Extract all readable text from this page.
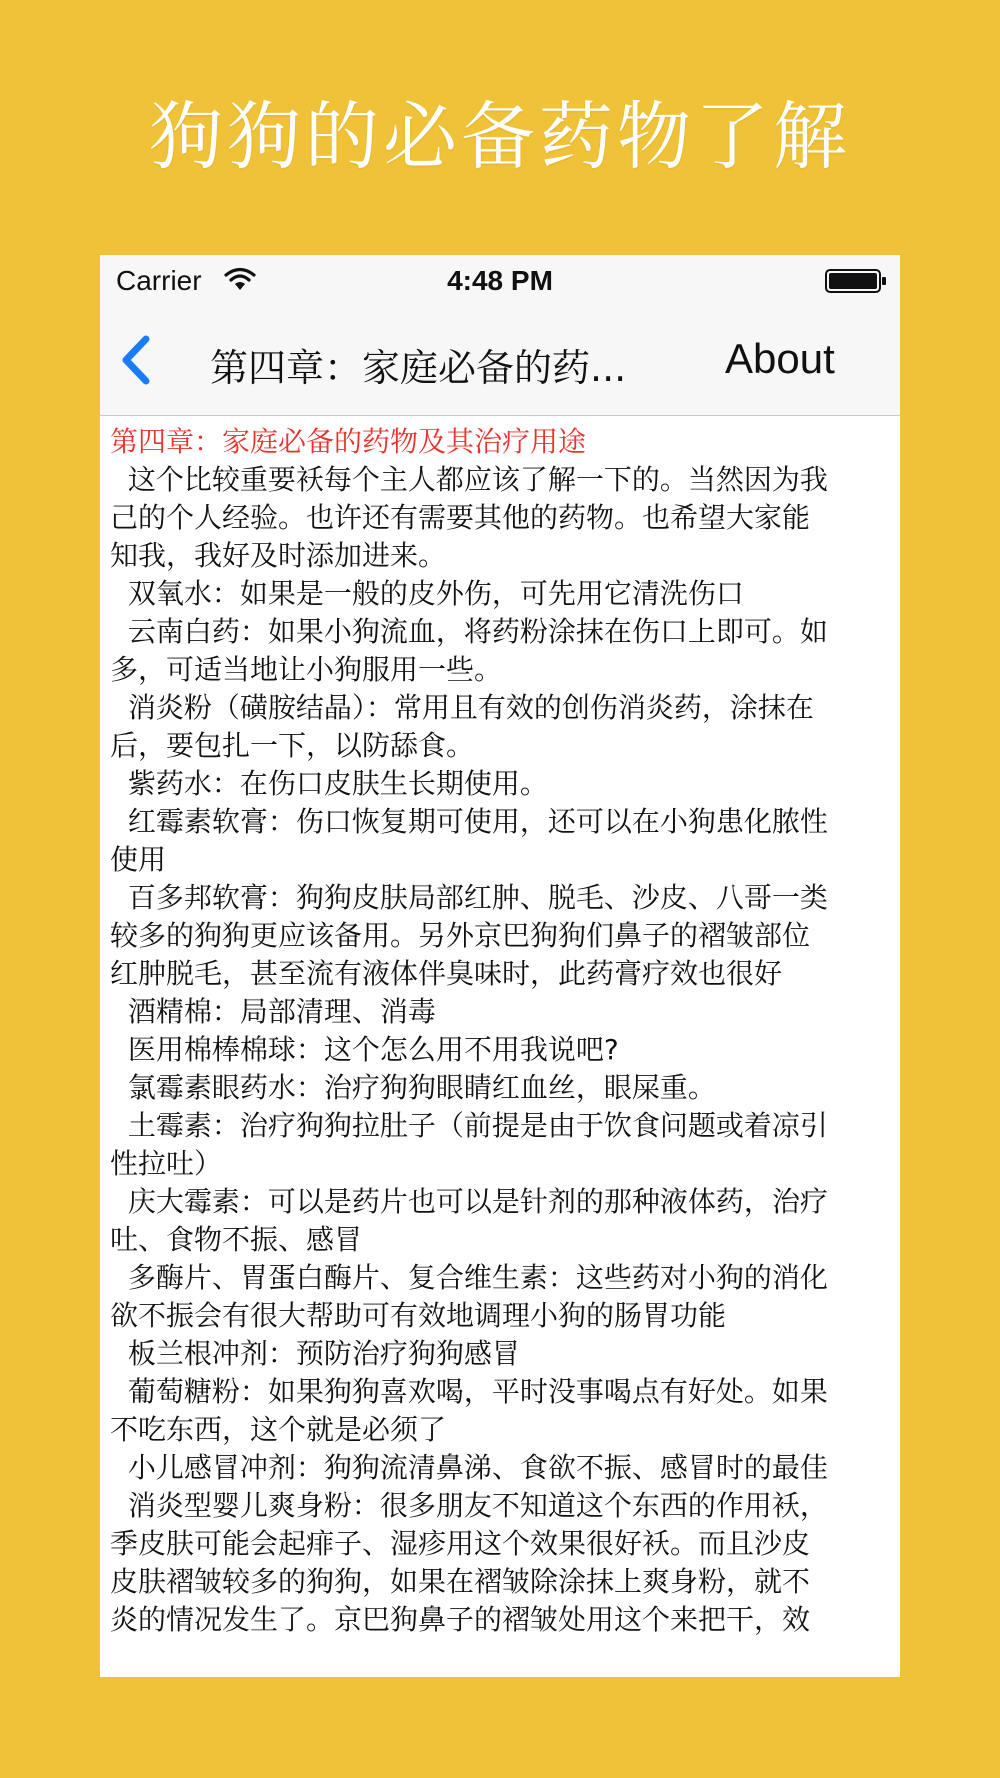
狗狗的必备药物了解
Carrier	4:48 PM
第四章：家庭必备的药...	About

第四章：家庭必备的药物及其治疗用途

这个比较重要袄每个主人都应该了解一下的。当然因为我

己的个人经验。也许还有需要其他的药物。也希望大家能

知我，我好及时添加进来。

双氧水：如果是一般的皮外伤，可先用它清洗伤口

云南白药：如果小狗流血，将药粉涂抹在伤口上即可。如

多，可适当地让小狗服用一些。

消炎粉（磺胺结晶）：常用且有效的创伤消炎药，涂抹在

后，要包扎一下，以防舔食。

紫药水：在伤口皮肤生长期使用。

红霉素软膏：伤口恢复期可使用，还可以在小狗患化脓性

使用

百多邦软膏：狗狗皮肤局部红肿、脱毛、沙皮、八哥一类

较多的狗狗更应该备用。另外京巴狗狗们鼻子的褶皱部位

红肿脱毛，甚至流有液体伴臭味时，此药膏疗效也很好

酒精棉：局部清理、消毒

医用棉棒棉球：这个怎么用不用我说吧?

氯霉素眼药水：治疗狗狗眼睛红血丝，眼屎重。

土霉素：治疗狗狗拉肚子（前提是由于饮食问题或着凉引

性拉吐）

庆大霉素：可以是药片也可以是针剂的那种液体药，治疗

吐、食物不振、感冒

多酶片、胃蛋白酶片、复合维生素：这些药对小狗的消化

欲不振会有很大帮助可有效地调理小狗的肠胃功能

板兰根冲剂：预防治疗狗狗感冒

葡萄糖粉：如果狗狗喜欢喝，平时没事喝点有好处。如果

不吃东西，这个就是必须了

小儿感冒冲剂：狗狗流清鼻涕、食欲不振、感冒时的最佳

消炎型婴儿爽身粉：很多朋友不知道这个东西的作用袄，

季皮肤可能会起痱子、湿疹用这个效果很好袄。而且沙皮

皮肤褶皱较多的狗狗，如果在褶皱除涂抹上爽身粉，就不

炎的情况发生了。京巴狗鼻子的褶皱处用这个来把干，效
